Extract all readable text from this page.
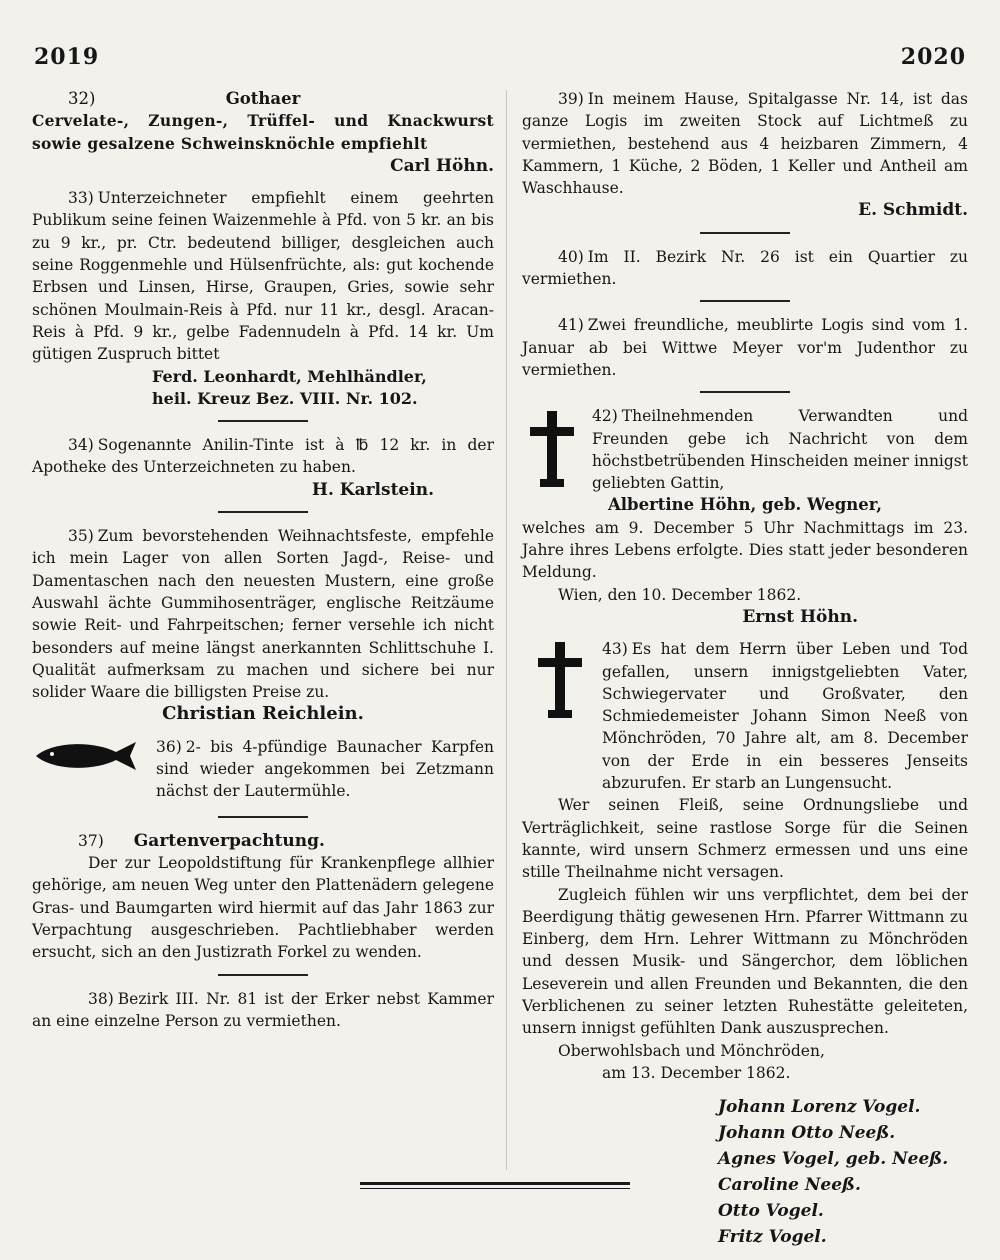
2019	2020
32)	Gothaer

Cervelate-, Zungen-, Trüffel- und Knackwurst sowie gesalzene Schweinsknöchle empfiehlt

Carl Höhn.

33) Unterzeichneter empfiehlt einem geehrten Publikum seine feinen Waizenmehle à Pfd. von 5 kr. an bis zu 9 kr., pr. Ctr. bedeutend billiger, desgleichen auch seine Roggenmehle und Hülsenfrüchte, als: gut kochende Erbsen und Linsen, Hirse, Graupen, Gries, sowie sehr schönen Moulmain-Reis à Pfd. nur 11 kr., desgl. Aracan-Reis à Pfd. 9 kr., gelbe Fadennudeln à Pfd. 14 kr. Um gütigen Zuspruch bittet

Ferd. Leonhardt, Mehlhändler,
heil. Kreuz Bez. VIII. Nr. 102.

34) Sogenannte Anilin-Tinte ist à ℔ 12 kr. in der Apotheke des Unterzeichneten zu haben.

H. Karlstein.

35) Zum bevorstehenden Weihnachtsfeste, empfehle ich mein Lager von allen Sorten Jagd-, Reise- und Damentaschen nach den neuesten Mustern, eine große Auswahl ächte Gummihosenträger, englische Reitzäume sowie Reit- und Fahrpeitschen; ferner versehle ich nicht besonders auf meine längst anerkannten Schlittschuhe I. Qualität aufmerksam zu machen und sichere bei nur solider Waare die billigsten Preise zu.

Christian Reichlein.

36) 2- bis 4-pfündige Baunacher Karpfen sind wieder angekommen bei Zetzmann nächst der Lautermühle.

37) Gartenverpachtung.

Der zur Leopoldstiftung für Krankenpflege allhier gehörige, am neuen Weg unter den Plattenädern gelegene Gras- und Baumgarten wird hiermit auf das Jahr 1863 zur Verpachtung ausgeschrieben. Pachtliebhaber werden ersucht, sich an den Justizrath Forkel zu wenden.

38) Bezirk III. Nr. 81 ist der Erker nebst Kammer an eine einzelne Person zu vermiethen.

39) In meinem Hause, Spitalgasse Nr. 14, ist das ganze Logis im zweiten Stock auf Lichtmeß zu vermiethen, bestehend aus 4 heizbaren Zimmern, 4 Kammern, 1 Küche, 2 Böden, 1 Keller und Antheil am Waschhause.

E. Schmidt.

40) Im II. Bezirk Nr. 26 ist ein Quartier zu vermiethen.

41) Zwei freundliche, meublirte Logis sind vom 1. Januar ab bei Wittwe Meyer vor'm Judenthor zu vermiethen.

42) Theilnehmenden Verwandten und Freunden gebe ich Nachricht von dem höchstbetrübenden Hinscheiden meiner innigst geliebten Gattin,

Albertine Höhn, geb. Wegner,

welches am 9. December 5 Uhr Nachmittags im 23. Jahre ihres Lebens erfolgte. Dies statt jeder besonderen Meldung.

Wien, den 10. December 1862.
Ernst Höhn.

43) Es hat dem Herrn über Leben und Tod gefallen, unsern innigstgeliebten Vater, Schwiegervater und Großvater, den Schmiedemeister Johann Simon Neeß von Mönchröden, 70 Jahre alt, am 8. December von der Erde in ein besseres Jenseits abzurufen. Er starb an Lungensucht.

Wer seinen Fleiß, seine Ordnungsliebe und Verträglichkeit, seine rastlose Sorge für die Seinen kannte, wird unsern Schmerz ermessen und uns eine stille Theilnahme nicht versagen.

Zugleich fühlen wir uns verpflichtet, dem bei der Beerdigung thätig gewesenen Hrn. Pfarrer Wittmann zu Einberg, dem Hrn. Lehrer Wittmann zu Mönchröden und dessen Musik- und Sängerchor, dem löblichen Leseverein und allen Freunden und Bekannten, die den Verblichenen zu seiner letzten Ruhestätte geleiteten, unsern innigst gefühlten Dank auszusprechen.

Oberwohlsbach und Mönchröden,
am 13. December 1862.
Johann Lorenz Vogel.
Johann Otto Neeß.
Agnes Vogel, geb. Neeß.
Caroline Neeß.
Otto Vogel.
Fritz Vogel.
